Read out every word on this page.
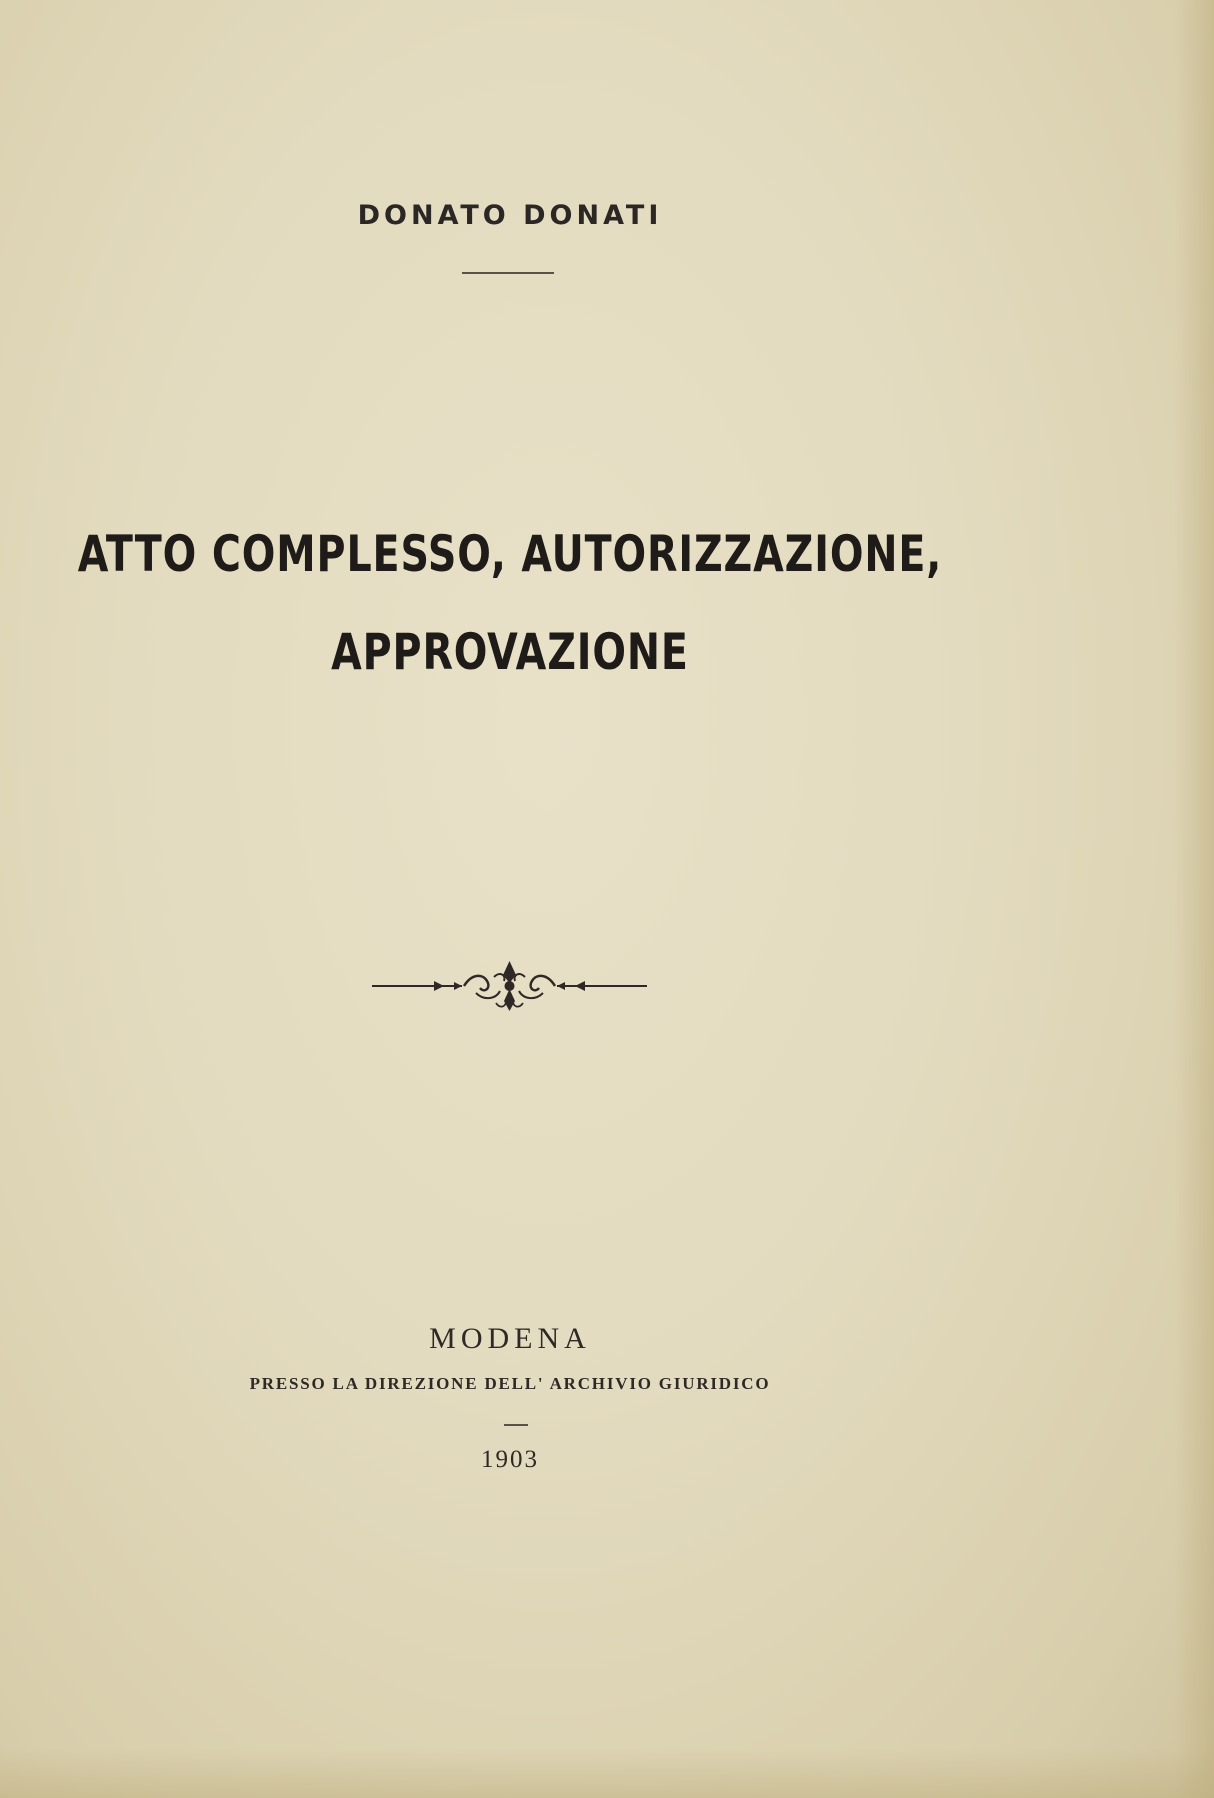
DONATO DONATI
ATTO COMPLESSO, AUTORIZZAZIONE,
APPROVAZIONE
MODENA
PRESSO LA DIREZIONE DELL' ARCHIVIO GIURIDICO
1903
